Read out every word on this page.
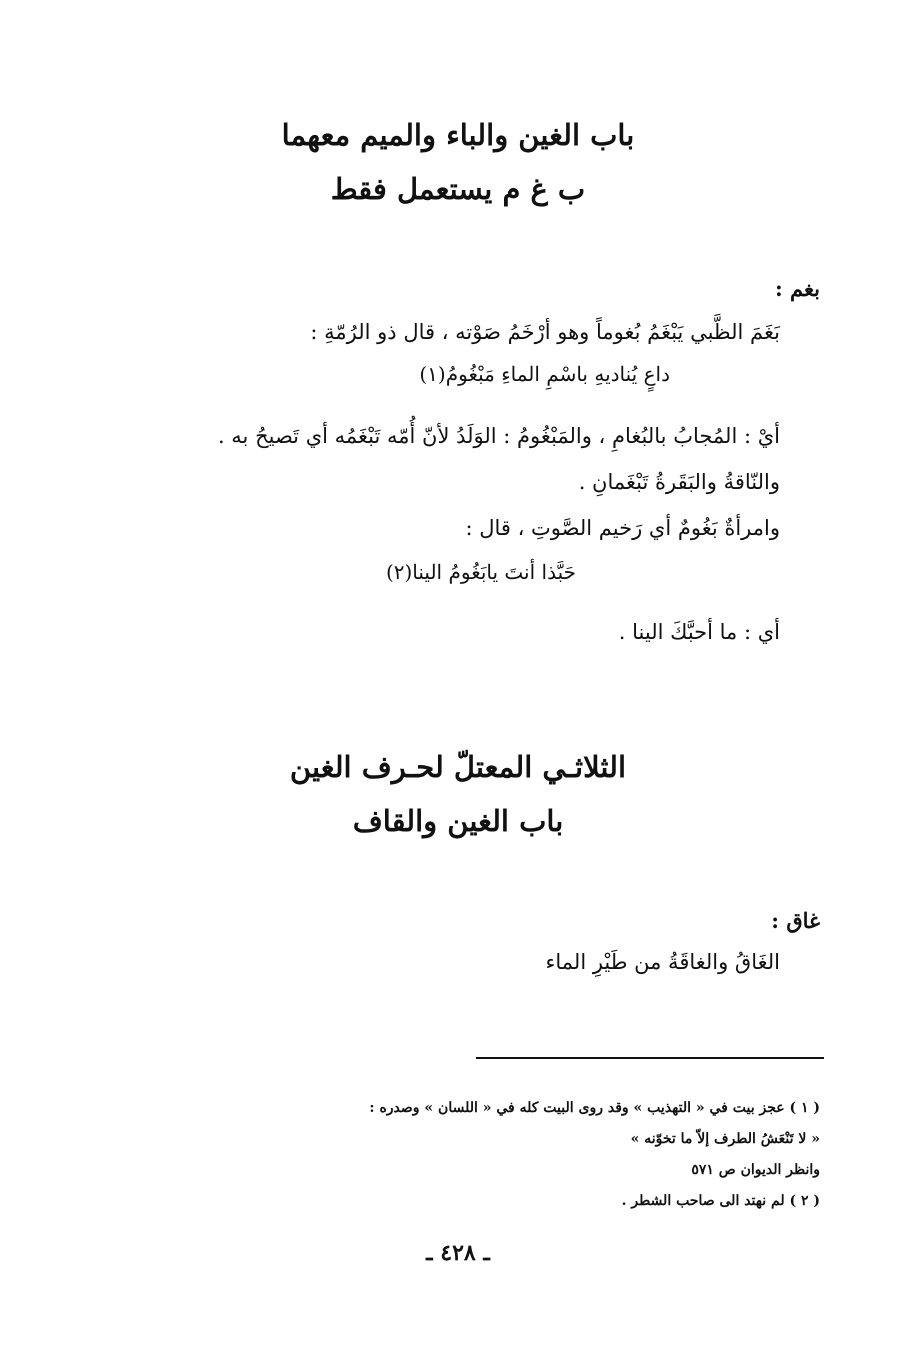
باب الغين والباء والميم معهما
ب غ م يستعمل فقط
بغم :
بَغَمَ الظَّبي يَبْغَمُ بُغوماً وهو أرْخَمُ صَوْته ، قال ذو الرُمّةِ :
داعٍ يُناديهِ باسْمِ الماءِ مَبْغُومُ(١)
أيْ : المُجابُ بالبُغامِ ، والمَبْغُومُ : الوَلَدُ لأنّ أُمّه تَبْغَمُه أي تَصيحُ به .
والنّاقةُ والبَقَرةُ تَبْغَمانِ .
وامرأةٌ بَغُومٌ أي رَخيم الصَّوتِ ، قال :
حَبَّذا أنتَ يابَغُومُ الينا(٢)
أي : ما أحبَّكَ الينا .
الثلاثـي المعتلّ لحـرف الغين
باب الغين والقاف
غاق :
الغَاقُ والغاقَةُ من طَيْرِ الماء
( ١ ) عجز بيت في « التهذيب » وقد روى البيت كله في « اللسان » وصدره :
« لا تَنْعَشُ الطرف إلاّ ما تخوّنه »
وانظر الديوان ص ٥٧١
( ٢ ) لم نهتد الى صاحب الشطر .
ـ ٤٢٨ ـ
